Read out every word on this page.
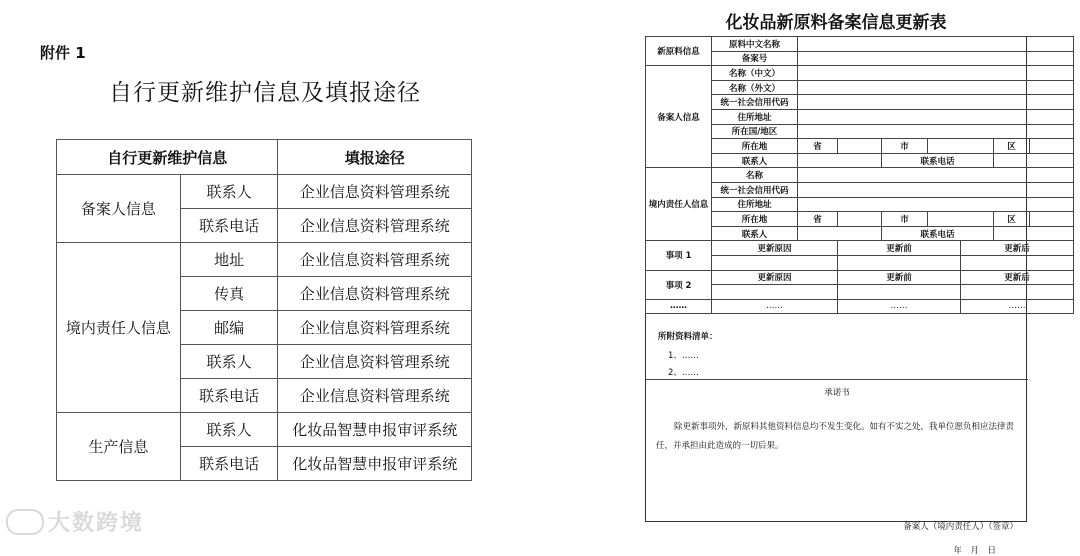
附件 1
自行更新维护信息及填报途径
自行更新维护信息		填报途径
备案人信息	联系人	企业信息资料管理系统
	联系电话	企业信息资料管理系统
境内责任人信息	地址	企业信息资料管理系统
	传真	企业信息资料管理系统
	邮编	企业信息资料管理系统
	联系人	企业信息资料管理系统
	联系电话	企业信息资料管理系统
生产信息	联系人	化妆品智慧申报审评系统
	联系电话	化妆品智慧申报审评系统
大数跨境
化妆品新原料备案信息更新表
新原料信息	原料中文名称							
	备案号							
备案人信息	名称（中文）							
	名称（外文）							
	统一社会信用代码							
	住所地址							
	所在国/地区							
	所在地	省		市			区	
	联系人			联系电话				
境内责任人信息	名称							
	统一社会信用代码							
	住所地址							
	所在地	省		市			区	
	联系人			联系电话				
事项 1	更新原因		更新前			更新后		

事项 2	更新原因		更新前			更新后		

……	……		……			……		
所附资料清单：
1、……
2、……
承诺书
除更新事项外，新原料其他资料信息均不发生变化。如有不实之处，我单位愿负相应法律责任，并承担由此造成的一切后果。
备案人（境内责任人）（签章）
年　月　日
